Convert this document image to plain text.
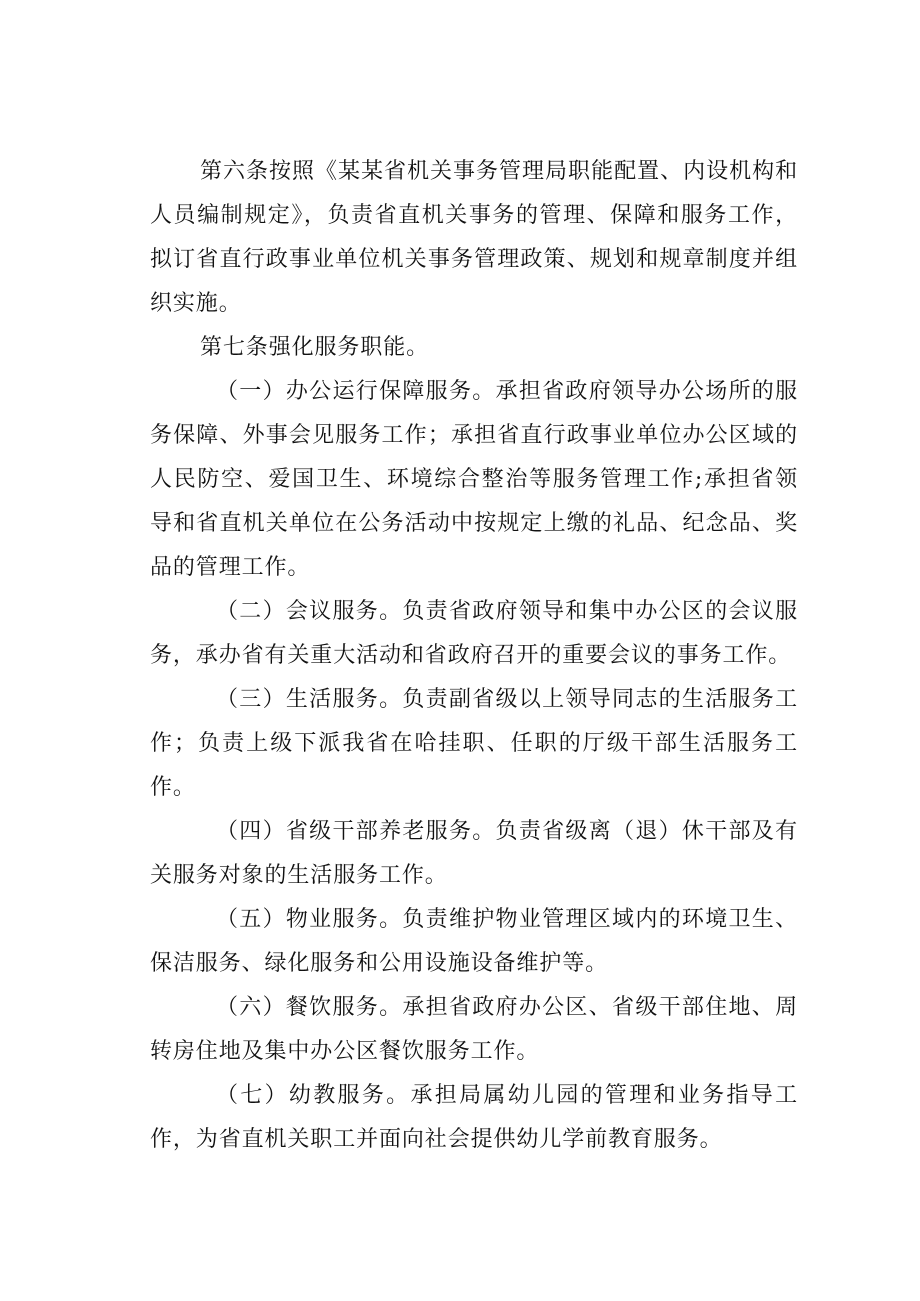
第六条按照《某某省机关事务管理局职能配置、内设机构和人员编制规定》，负责省直机关事务的管理、保障和服务工作，拟订省直行政事业单位机关事务管理政策、规划和规章制度并组织实施。

第七条强化服务职能。

（一）办公运行保障服务。承担省政府领导办公场所的服务保障、外事会见服务工作；承担省直行政事业单位办公区域的人民防空、爱国卫生、环境综合整治等服务管理工作;承担省领导和省直机关单位在公务活动中按规定上缴的礼品、纪念品、奖品的管理工作。

（二）会议服务。负责省政府领导和集中办公区的会议服务，承办省有关重大活动和省政府召开的重要会议的事务工作。

（三）生活服务。负责副省级以上领导同志的生活服务工作；负责上级下派我省在哈挂职、任职的厅级干部生活服务工作。

（四）省级干部养老服务。负责省级离（退）休干部及有关服务对象的生活服务工作。

（五）物业服务。负责维护物业管理区域内的环境卫生、保洁服务、绿化服务和公用设施设备维护等。

（六）餐饮服务。承担省政府办公区、省级干部住地、周转房住地及集中办公区餐饮服务工作。

（七）幼教服务。承担局属幼儿园的管理和业务指导工作，为省直机关职工并面向社会提供幼儿学前教育服务。
